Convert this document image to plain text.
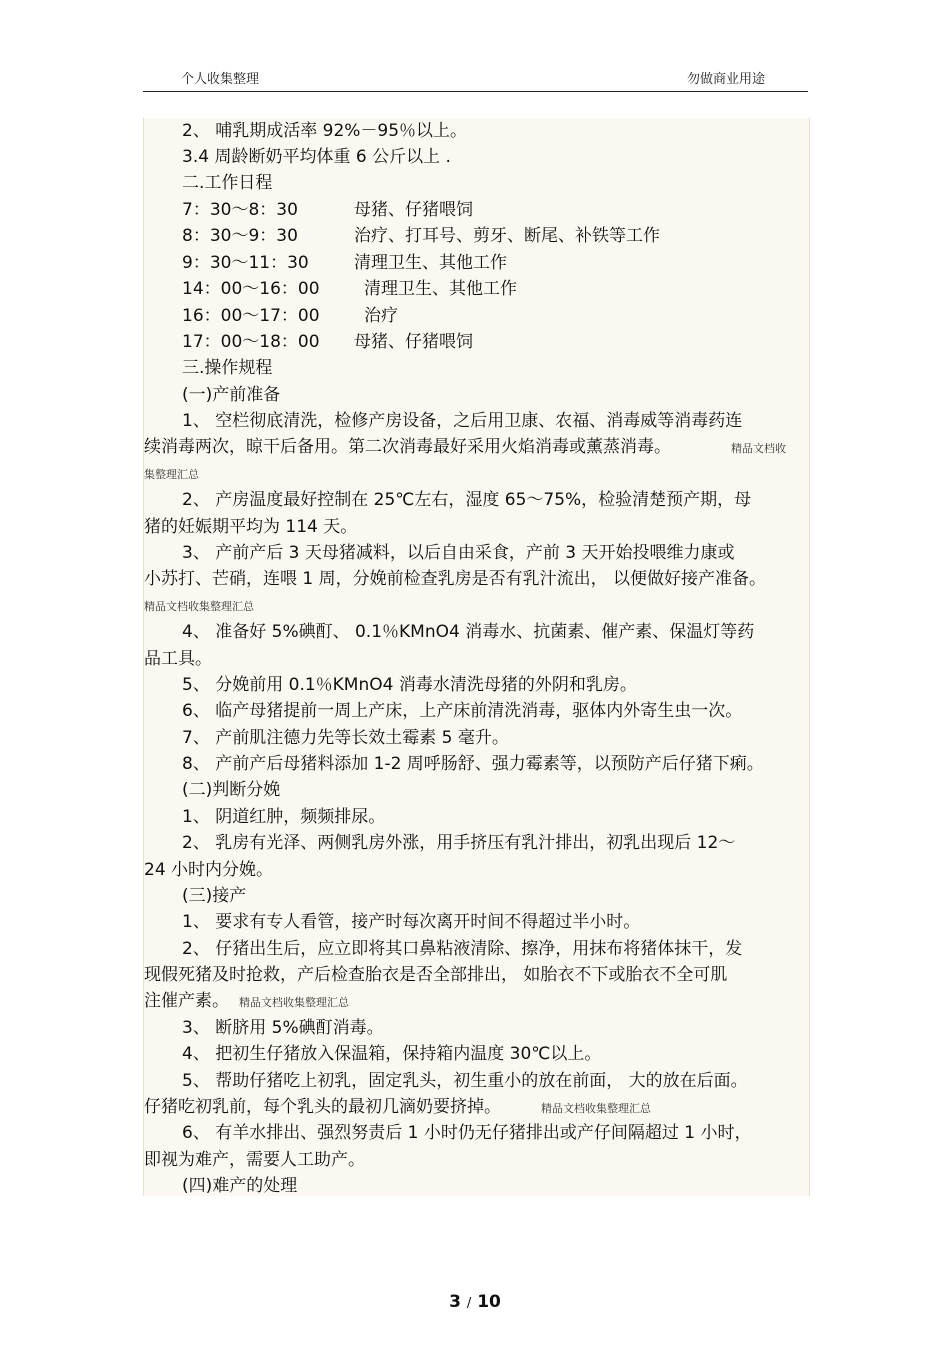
个人收集整理	勿做商业用途
2、 哺乳期成活率 92%－95％以上。
3.4 周龄断奶平均体重 6 公斤以上 .
二.工作日程
7：30～8：30	母猪、仔猪喂饲
8：30～9：30	治疗、打耳号、剪牙、断尾、补铁等工作
9：30～11：30	清理卫生、其他工作
14：00～16：00	清理卫生、其他工作
16：00～17：00	治疗
17：00～18：00 母猪、仔猪喂饲
三.操作规程
(一)产前准备
1、 空栏彻底清洗，检修产房设备，之后用卫康、农福、消毒威等消毒药连
续消毒两次，晾干后备用。第二次消毒最好采用火焰消毒或薰蒸消毒。	精品文档收
集整理汇总
2、 产房温度最好控制在 25℃左右，湿度 65～75%，检验清楚预产期，母
猪的妊娠期平均为 114 天。
3、 产前产后 3 天母猪减料，以后自由采食，产前 3 天开始投喂维力康或
小苏打、芒硝，连喂 1 周，分娩前检查乳房是否有乳汁流出， 以便做好接产准备。
精品文档收集整理汇总
4、 准备好 5%碘酊、 0.1％KMnO4 消毒水、抗菌素、催产素、保温灯等药
品工具。
5、 分娩前用 0.1％KMnO4 消毒水清洗母猪的外阴和乳房。
6、 临产母猪提前一周上产床，上产床前清洗消毒，驱体内外寄生虫一次。
7、 产前肌注德力先等长效土霉素 5 毫升。
8、 产前产后母猪料添加 1-2 周呼肠舒、强力霉素等，以预防产后仔猪下痢。
(二)判断分娩
1、 阴道红肿，频频排尿。
2、 乳房有光泽、两侧乳房外涨，用手挤压有乳汁排出，初乳出现后 12～
24 小时内分娩。
(三)接产
1、 要求有专人看管，接产时每次离开时间不得超过半小时。
2、 仔猪出生后，应立即将其口鼻粘液清除、擦净，用抹布将猪体抹干，发
现假死猪及时抢救，产后检查胎衣是否全部排出， 如胎衣不下或胎衣不全可肌
注催产素。 精品文档收集整理汇总
3、 断脐用 5%碘酊消毒。
4、 把初生仔猪放入保温箱，保持箱内温度 30℃以上。
5、 帮助仔猪吃上初乳，固定乳头，初生重小的放在前面， 大的放在后面。
仔猪吃初乳前，每个乳头的最初几滴奶要挤掉。	精品文档收集整理汇总
6、 有羊水排出、强烈努责后 1 小时仍无仔猪排出或产仔间隔超过 1 小时，
即视为难产，需要人工助产。
(四)难产的处理
3 / 10
